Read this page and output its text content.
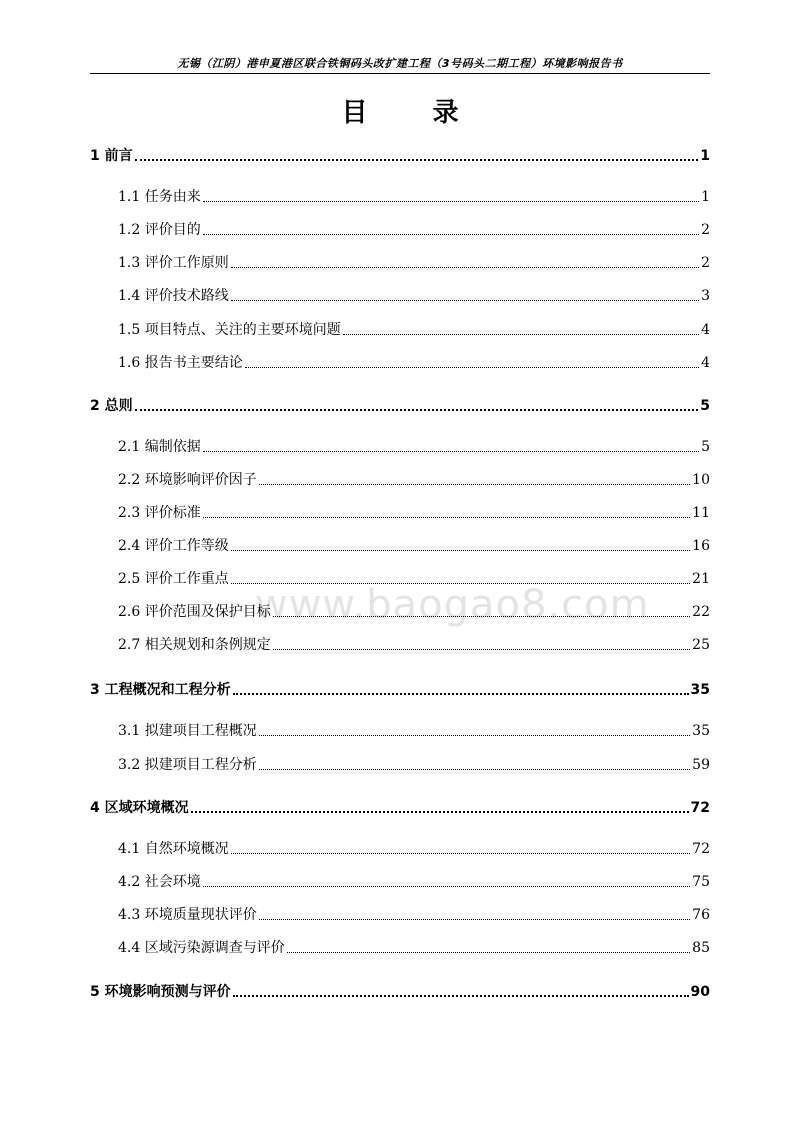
无锡（江阴）港申夏港区联合铁铜码头改扩建工程（3号码头二期工程）环境影响报告书
目 录
www.baogao8.com
1 前言	1
1.1 任务由来	1
1.2 评价目的	2
1.3 评价工作原则	2
1.4 评价技术路线	3
1.5 项目特点、关注的主要环境问题	4
1.6 报告书主要结论	4
2 总则	5
2.1 编制依据	5
2.2 环境影响评价因子	10
2.3 评价标准	11
2.4 评价工作等级	16
2.5 评价工作重点	21
2.6 评价范围及保护目标	22
2.7 相关规划和条例规定	25
3 工程概况和工程分析	35
3.1 拟建项目工程概况	35
3.2 拟建项目工程分析	59
4 区域环境概况	72
4.1 自然环境概况	72
4.2 社会环境	75
4.3 环境质量现状评价	76
4.4 区域污染源调查与评价	85
5 环境影响预测与评价	90
